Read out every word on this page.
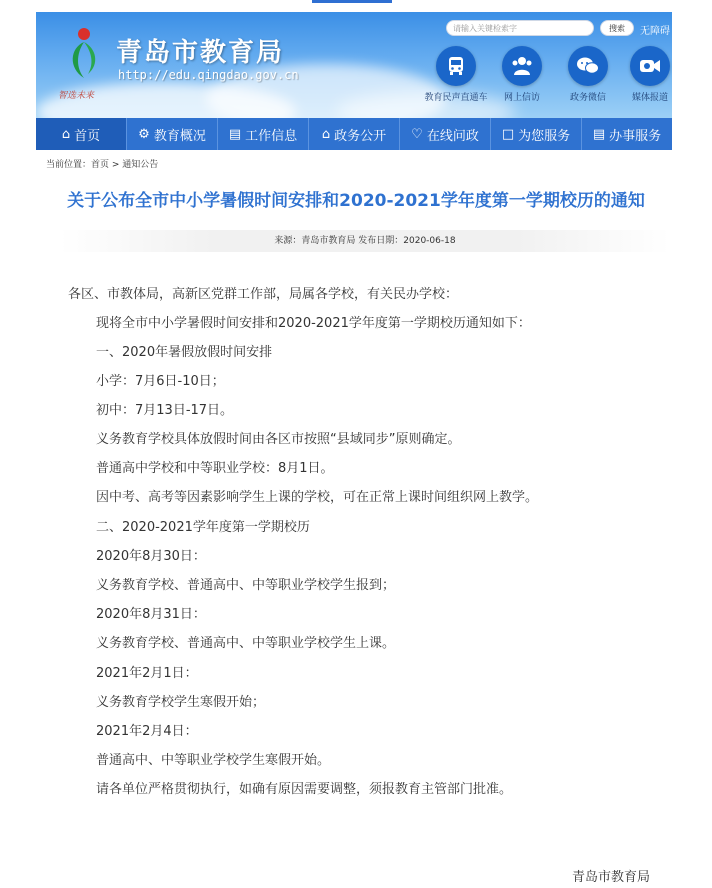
智选未来
青岛市教育局
http://edu.qingdao.gov.cn
请输入关键检索字	搜索	无障碍
教育民声直通车	网上信访	政务微信	媒体报道
⌂ 首页	⚙ 教育概况 ▤ 工作信息 ⌂ 政务公开 ♡ 在线问政 □ 为您服务 ▤ 办事服务
当前位置：首页 > 通知公告
关于公布全市中小学暑假时间安排和2020-2021学年度第一学期校历的通知
来源：青岛市教育局 发布日期：2020-06-18
各区、市教体局，高新区党群工作部，局属各学校，有关民办学校：
现将全市中小学暑假时间安排和2020-2021学年度第一学期校历通知如下：
一、2020年暑假放假时间安排
小学：7月6日-10日；
初中：7月13日-17日。
义务教育学校具体放假时间由各区市按照“县域同步”原则确定。
普通高中学校和中等职业学校：8月1日。
因中考、高考等因素影响学生上课的学校，可在正常上课时间组织网上教学。
二、2020-2021学年度第一学期校历
2020年8月30日：
义务教育学校、普通高中、中等职业学校学生报到；
2020年8月31日：
义务教育学校、普通高中、中等职业学校学生上课。
2021年2月1日：
义务教育学校学生寒假开始；
2021年2月4日：
普通高中、中等职业学校学生寒假开始。
请各单位严格贯彻执行，如确有原因需要调整，须报教育主管部门批准。
青岛市教育局
